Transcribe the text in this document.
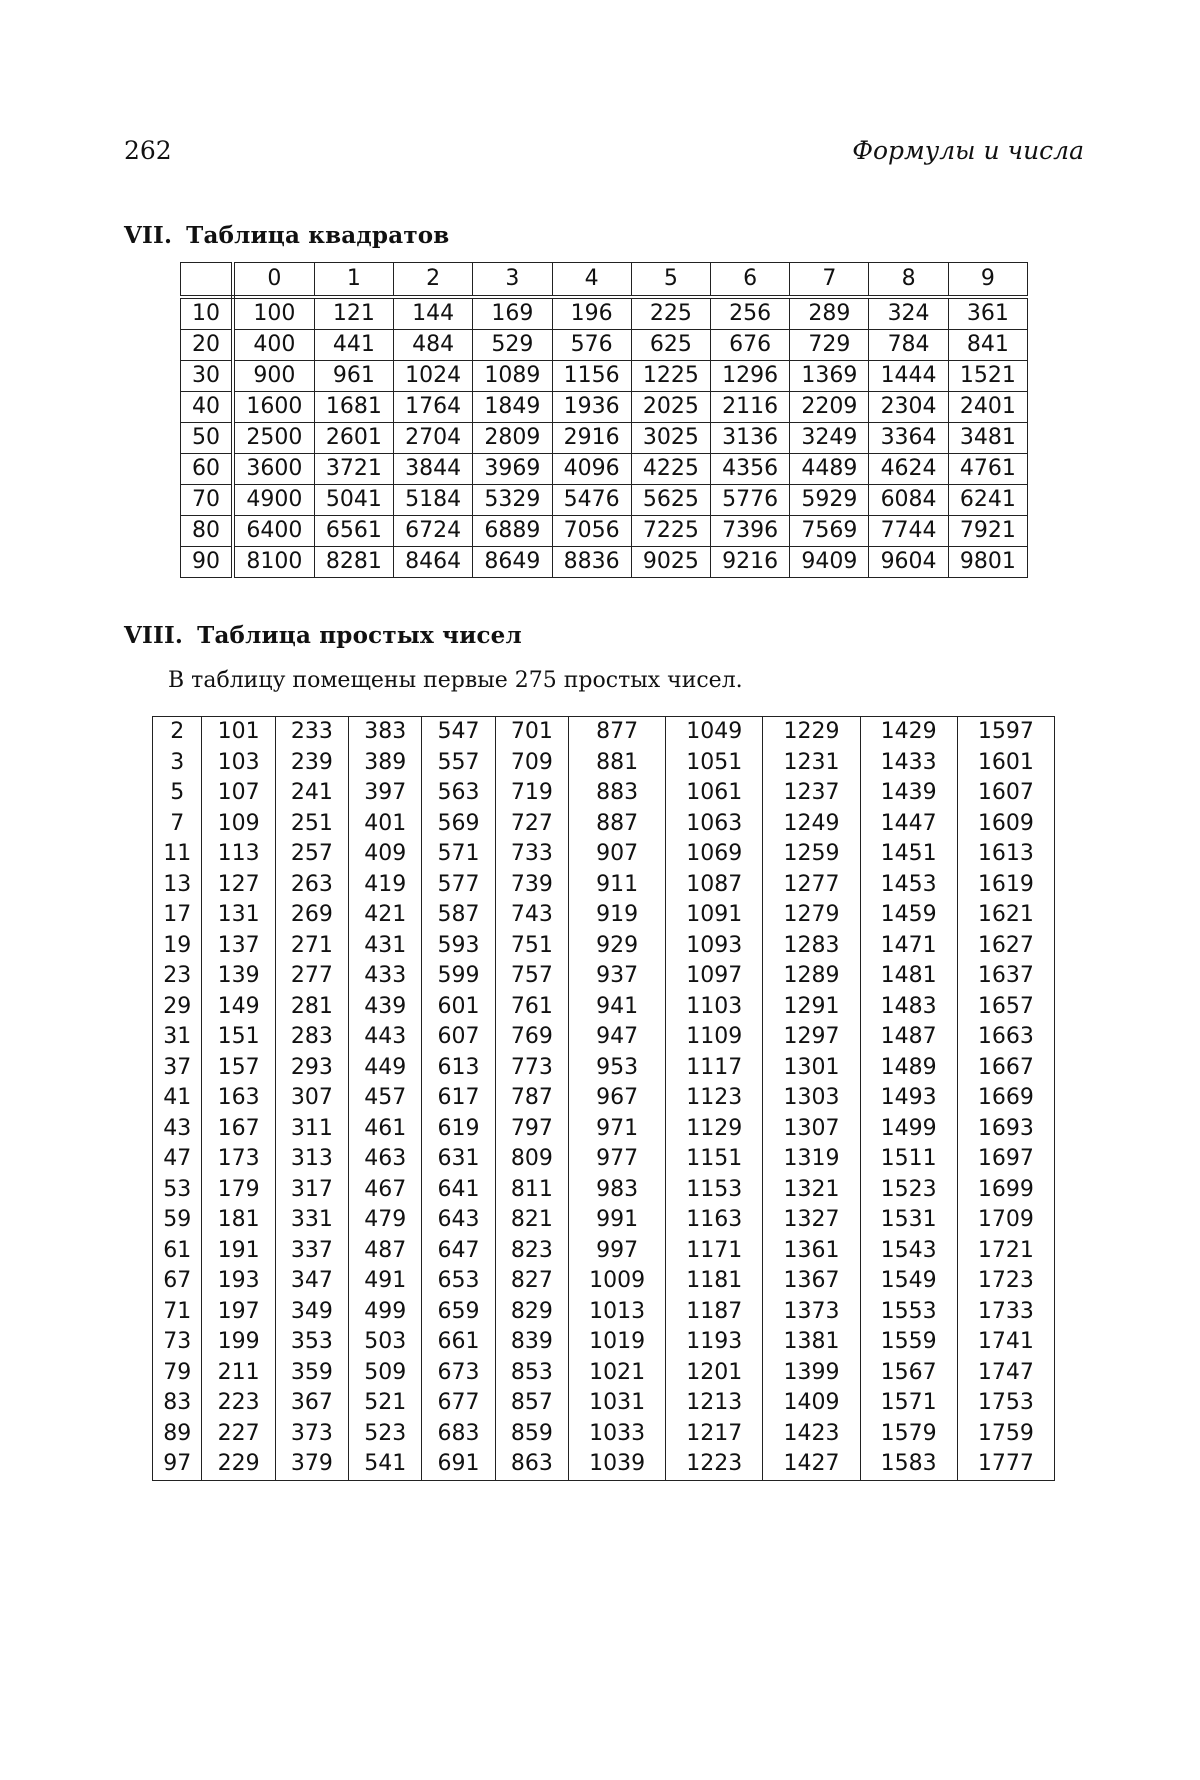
262	Формулы и числа
VII. Таблица квадратов
	0	1	2	3	4	5	6	7	8	9
10	100	121	144	169	196	225	256	289	324	361
20	400	441	484	529	576	625	676	729	784	841
30	900	961	1024	1089	1156	1225	1296	1369	1444	1521
40	1600	1681	1764	1849	1936	2025	2116	2209	2304	2401
50	2500	2601	2704	2809	2916	3025	3136	3249	3364	3481
60	3600	3721	3844	3969	4096	4225	4356	4489	4624	4761
70	4900	5041	5184	5329	5476	5625	5776	5929	6084	6241
80	6400	6561	6724	6889	7056	7225	7396	7569	7744	7921
90	8100	8281	8464	8649	8836	9025	9216	9409	9604	9801
VIII. Таблица простых чисел

В таблицу помещены первые 275 простых чисел.

2	101	233	383	547	701	877	1049	1229	1429	1597
3	103	239	389	557	709	881	1051	1231	1433	1601
5	107	241	397	563	719	883	1061	1237	1439	1607
7	109	251	401	569	727	887	1063	1249	1447	1609
11	113	257	409	571	733	907	1069	1259	1451	1613
13	127	263	419	577	739	911	1087	1277	1453	1619
17	131	269	421	587	743	919	1091	1279	1459	1621
19	137	271	431	593	751	929	1093	1283	1471	1627
23	139	277	433	599	757	937	1097	1289	1481	1637
29	149	281	439	601	761	941	1103	1291	1483	1657
31	151	283	443	607	769	947	1109	1297	1487	1663
37	157	293	449	613	773	953	1117	1301	1489	1667
41	163	307	457	617	787	967	1123	1303	1493	1669
43	167	311	461	619	797	971	1129	1307	1499	1693
47	173	313	463	631	809	977	1151	1319	1511	1697
53	179	317	467	641	811	983	1153	1321	1523	1699
59	181	331	479	643	821	991	1163	1327	1531	1709
61	191	337	487	647	823	997	1171	1361	1543	1721
67	193	347	491	653	827	1009	1181	1367	1549	1723
71	197	349	499	659	829	1013	1187	1373	1553	1733
73	199	353	503	661	839	1019	1193	1381	1559	1741
79	211	359	509	673	853	1021	1201	1399	1567	1747
83	223	367	521	677	857	1031	1213	1409	1571	1753
89	227	373	523	683	859	1033	1217	1423	1579	1759
97	229	379	541	691	863	1039	1223	1427	1583	1777
